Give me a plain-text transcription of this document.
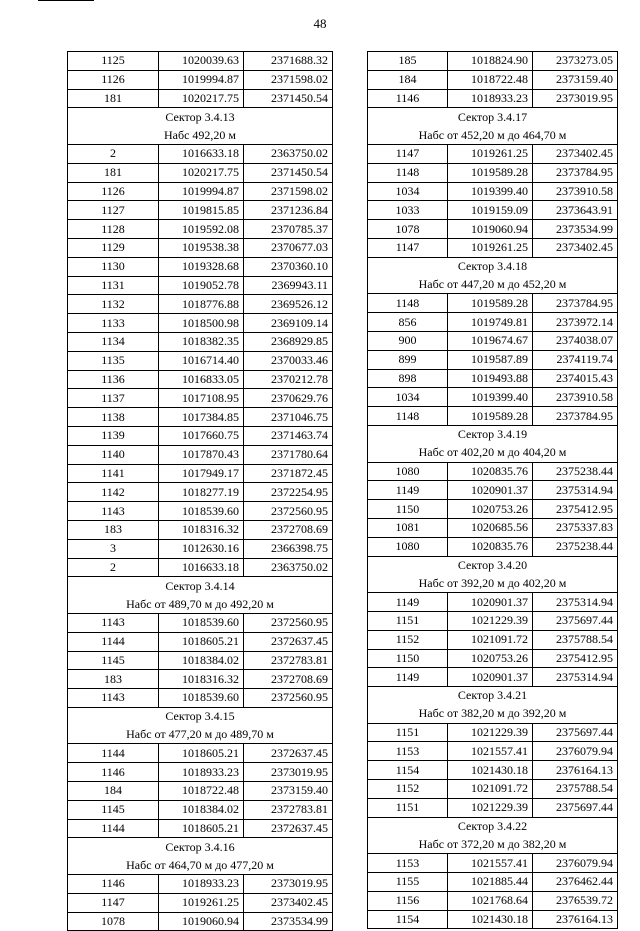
48
1125	1020039.63	2371688.32
1126	1019994.87	2371598.02
181	1020217.75	2371450.54
Сектор 3.4.13		
Набс 492,20 м		
2	1016633.18	2363750.02
181	1020217.75	2371450.54
1126	1019994.87	2371598.02
1127	1019815.85	2371236.84
1128	1019592.08	2370785.37
1129	1019538.38	2370677.03
1130	1019328.68	2370360.10
1131	1019052.78	2369943.11
1132	1018776.88	2369526.12
1133	1018500.98	2369109.14
1134	1018382.35	2368929.85
1135	1016714.40	2370033.46
1136	1016833.05	2370212.78
1137	1017108.95	2370629.76
1138	1017384.85	2371046.75
1139	1017660.75	2371463.74
1140	1017870.43	2371780.64
1141	1017949.17	2371872.45
1142	1018277.19	2372254.95
1143	1018539.60	2372560.95
183	1018316.32	2372708.69
3	1012630.16	2366398.75
2	1016633.18	2363750.02
Сектор 3.4.14		
Набс от 489,70 м до 492,20 м		
1143	1018539.60	2372560.95
1144	1018605.21	2372637.45
1145	1018384.02	2372783.81
183	1018316.32	2372708.69
1143	1018539.60	2372560.95
Сектор 3.4.15		
Набс от 477,20 м до 489,70 м		
1144	1018605.21	2372637.45
1146	1018933.23	2373019.95
184	1018722.48	2373159.40
1145	1018384.02	2372783.81
1144	1018605.21	2372637.45
Сектор 3.4.16		
Набс от 464,70 м до 477,20 м		
1146	1018933.23	2373019.95
1147	1019261.25	2373402.45
1078	1019060.94	2373534.99
185	1018824.90	2373273.05
184	1018722.48	2373159.40
1146	1018933.23	2373019.95
Сектор 3.4.17		
Набс от 452,20 м до 464,70 м		
1147	1019261.25	2373402.45
1148	1019589.28	2373784.95
1034	1019399.40	2373910.58
1033	1019159.09	2373643.91
1078	1019060.94	2373534.99
1147	1019261.25	2373402.45
Сектор 3.4.18		
Набс от 447,20 м до 452,20 м		
1148	1019589.28	2373784.95
856	1019749.81	2373972.14
900	1019674.67	2374038.07
899	1019587.89	2374119.74
898	1019493.88	2374015.43
1034	1019399.40	2373910.58
1148	1019589.28	2373784.95
Сектор 3.4.19		
Набс от 402,20 м до 404,20 м		
1080	1020835.76	2375238.44
1149	1020901.37	2375314.94
1150	1020753.26	2375412.95
1081	1020685.56	2375337.83
1080	1020835.76	2375238.44
Сектор 3.4.20		
Набс от 392,20 м до 402,20 м		
1149	1020901.37	2375314.94
1151	1021229.39	2375697.44
1152	1021091.72	2375788.54
1150	1020753.26	2375412.95
1149	1020901.37	2375314.94
Сектор 3.4.21		
Набс от 382,20 м до 392,20 м		
1151	1021229.39	2375697.44
1153	1021557.41	2376079.94
1154	1021430.18	2376164.13
1152	1021091.72	2375788.54
1151	1021229.39	2375697.44
Сектор 3.4.22		
Набс от 372,20 м до 382,20 м		
1153	1021557.41	2376079.94
1155	1021885.44	2376462.44
1156	1021768.64	2376539.72
1154	1021430.18	2376164.13
